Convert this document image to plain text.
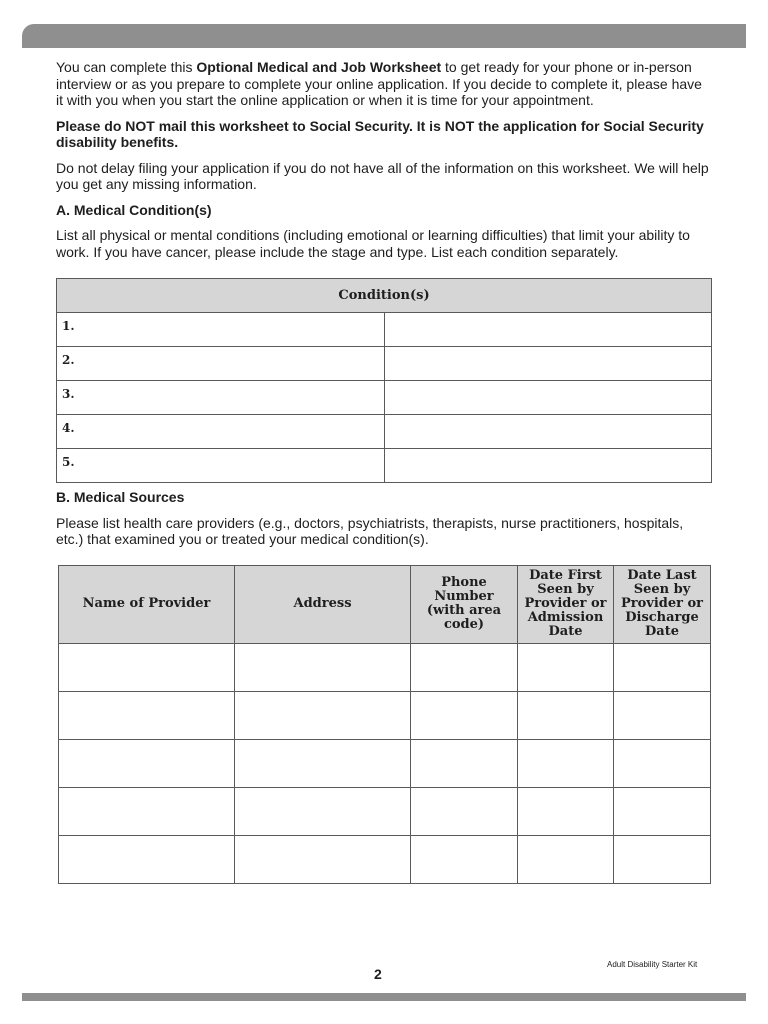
You can complete this Optional Medical and Job Worksheet to get ready for your phone or in-person interview or as you prepare to complete your online application. If you decide to complete it, please have it with you when you start the online application or when it is time for your appointment.

Please do NOT mail this worksheet to Social Security. It is NOT the application for Social Security disability benefits.

Do not delay filing your application if you do not have all of the information on this worksheet. We will help you get any missing information.

A. Medical Condition(s)

List all physical or mental conditions (including emotional or learning difficulties) that limit your ability to work. If you have cancer, please include the stage and type. List each condition separately.

Condition(s)	
1.	
2.	
3.	
4.	
5.	
B. Medical Sources

Please list health care providers (e.g., doctors, psychiatrists, therapists, nurse practitioners, hospitals, etc.) that examined you or treated your medical condition(s).

Name of Provider	Address	Phone Number (with area code)	Date First Seen by Provider or Admission Date	Date Last Seen by Provider or Discharge Date

Adult Disability Starter Kit
2
